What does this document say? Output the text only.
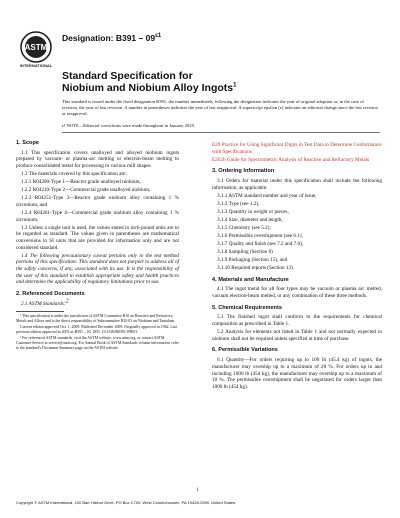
ASTM
INTERNATIONAL
Designation: $B391 - 09^{\varepsilon 1}$
Standard Specification for
Niobium and Niobium Alloy Ingots$^1$

This standard is issued under the fixed designation B391; the number immediately following the designation indicates the year of original adoption or, in the case of revision, the year of last revision. A number in parentheses indicates the year of last reapproval. A superscript epsilon (ε) indicates an editorial change since the last revision or reapproval.

ε¹ NOTE—Editorial corrections were made throughout in January 2010.

1. Scope

1.1 This specification covers unalloyed and alloyed niobium ingots prepared by vacuum- or plasma-arc melting or electron-beam melting to produce consolidated metal for processing to various mill shapes.

1.2 The materials covered by this specification are:

1.2.1 R04200-Type 1—Reactor grade unalloyed niobium,

1.2.2 R04210-Type 2—Commercial grade unalloyed niobium,

1.2.3 R04251-Type 3—Reactor grade niobium alloy containing 1 % zirconium, and

1.2.4 R04261-Type 4—Commercial grade niobium alloy containing 1 % zirconium.

1.3 Unless a single unit is used, the values stated in inch-pound units are to be regarded as standard. The values given in parentheses are mathematical conversions to SI units that are provided for information only and are not considered standard.

1.4 The following precautionary caveat pertains only to the test method portions of this specification: This standard does not purport to address all of the safety concerns, if any, associated with its use. It is the responsibility of the user of this standard to establish appropriate safety and health practices and determine the applicability of regulatory limitations prior to use.

2. Referenced Documents

2.1 ASTM Standards:2

¹ This specification is under the jurisdiction of ASTM Committee B10 on Reactive and Refractory Metals and Alloys and is the direct responsibility of Subcommittee B10.03 on Niobium and Tantalum.

Current edition approved Oct. 1, 2009. Published December 2009. Originally approved in 1962. Last previous edition approved in 2003 as B391 – 03. DOI: 10.1520/B0391-09E01.

² For referenced ASTM standards, visit the ASTM website, www.astm.org, or contact ASTM Customer Service at service@astm.org. For Annual Book of ASTM Standards volume information, refer to the standard's Document Summary page on the ASTM website.

E29 Practice for Using Significant Digits in Test Data to Determine Conformance with Specifications

E262b Guide for Spectrometric Analysis of Reactive and Refractory Metals

3. Ordering Information

3.1 Orders for material under this specification shall include the following information, as applicable:

3.1.1 ASTM standard number and year of issue,

3.1.2 Type (see 1.2),

3.1.3 Quantity in weight or pieces,

3.1.4 Size, diameter and length,

3.1.5 Chemistry (see 5.2),

3.1.6 Permissible overshipment (see 6.1),

3.1.7 Quality and finish (see 7.2 and 7.6),

3.1.8 Sampling (Section 8)

3.1.9 Packaging (Section 15), and

3.1.10 Required reports (Section 13).

4. Materials and Manufacture

4.1 The ingot metal for all four types may be vacuum or plasma arc melted, vacuum electron-beam melted, or any combination of these three methods.

5. Chemical Requirements

5.1 The finished ingot shall conform to the requirements for chemical composition as prescribed in Table 1.

5.2 Analysis for elements not listed in Table 1 and not normally expected in niobium shall not be required unless specified at time of purchase.

6. Permissible Variations

6.1 Quantity—For orders requiring up to 100 lb (45.4 kg) of ingots, the manufacturer may overship up to a maximum of 20 %. For orders up to and including 1000 lb (454 kg), the manufacturer may overship up to a maximum of 10 %. The permissible overshipment shall be negotiated for orders larger than 1000 lb (454 kg).

1
Copyright © ASTM International, 100 Barr Harbor Drive, PO Box C700, West Conshohocken, PA 19428-2959, United States.
